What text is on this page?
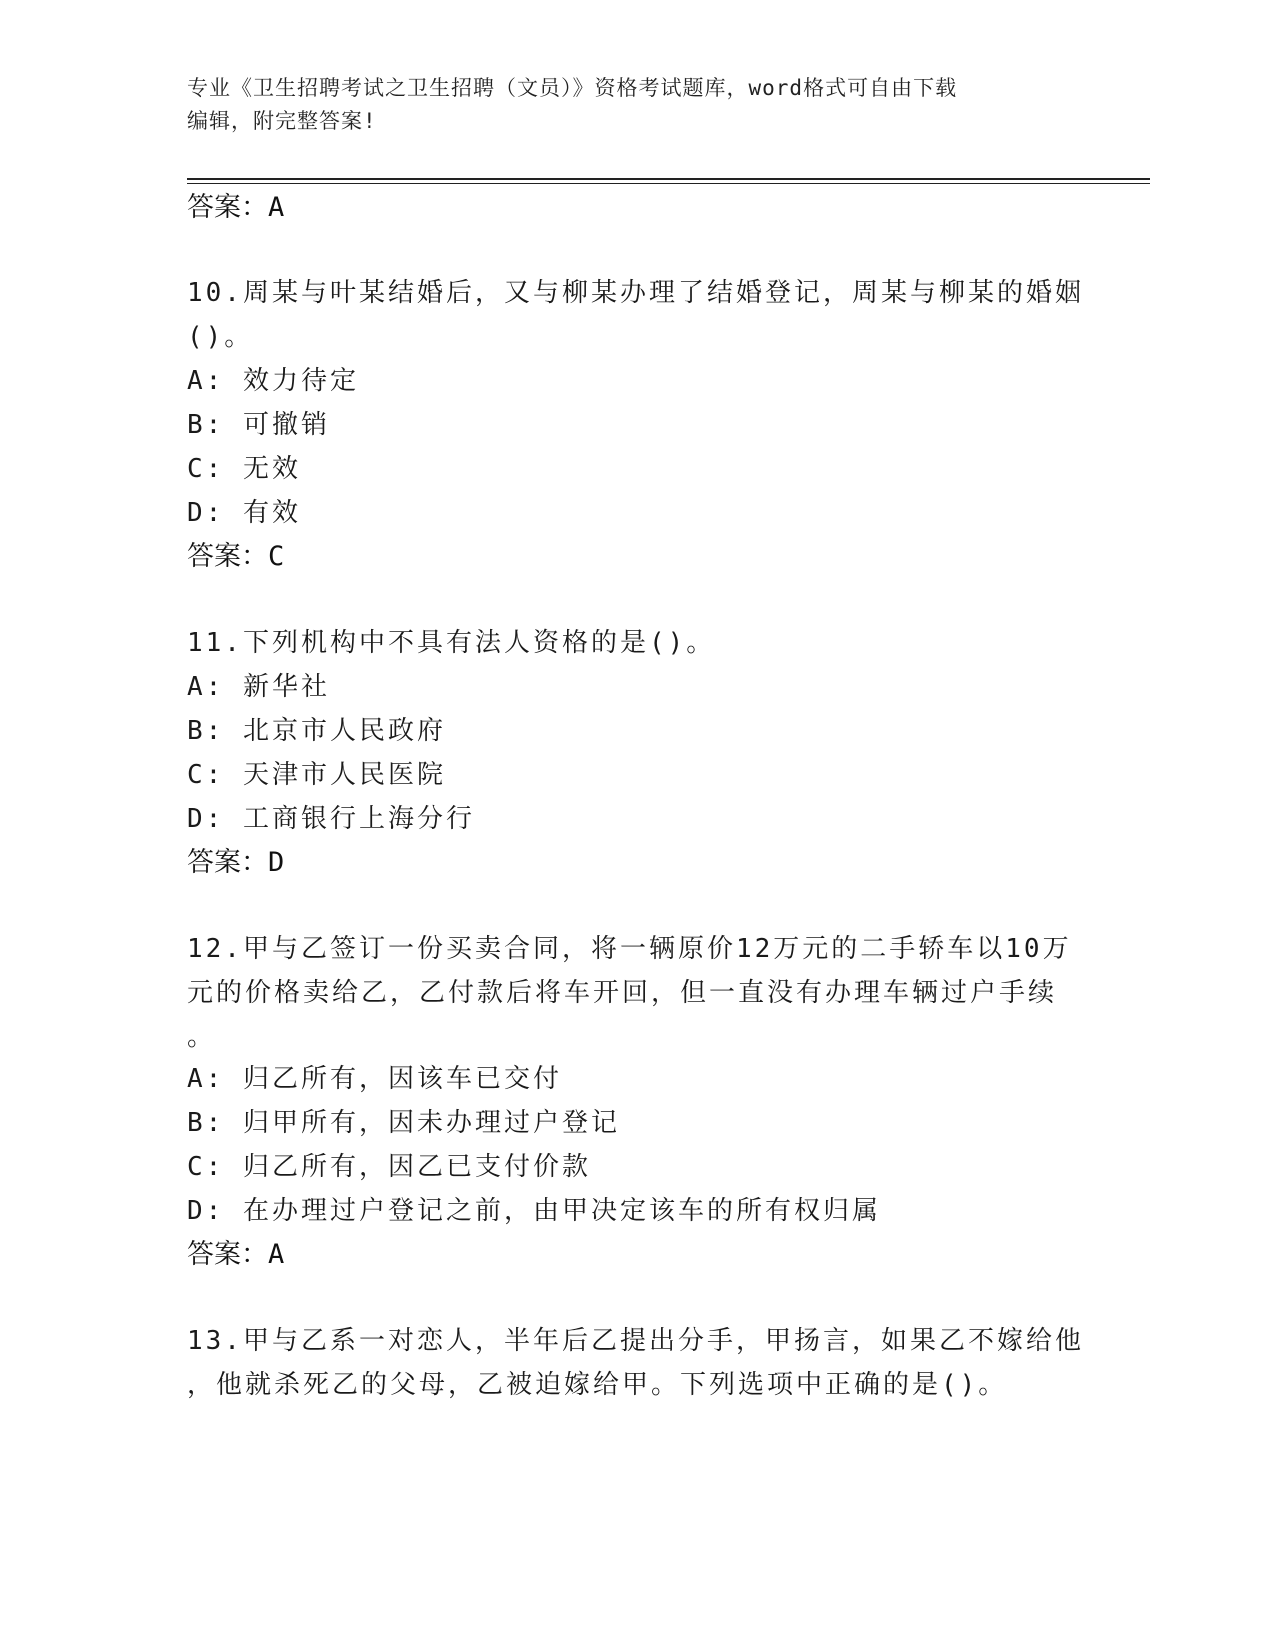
专业《卫生招聘考试之卫生招聘（文员）》资格考试题库，word格式可自由下载
编辑，附完整答案!
答案：A
10.周某与叶某结婚后，又与柳某办理了结婚登记，周某与柳某的婚姻
()。
A: 效力待定
B: 可撤销
C: 无效
D: 有效
答案：C
11.下列机构中不具有法人资格的是()。
A: 新华社
B: 北京市人民政府
C: 天津市人民医院
D: 工商银行上海分行
答案：D
12.甲与乙签订一份买卖合同，将一辆原价12万元的二手轿车以10万
元的价格卖给乙，乙付款后将车开回，但一直没有办理车辆过户手续
。
A: 归乙所有，因该车已交付
B: 归甲所有，因未办理过户登记
C: 归乙所有，因乙已支付价款
D: 在办理过户登记之前，由甲决定该车的所有权归属
答案：A
13.甲与乙系一对恋人，半年后乙提出分手，甲扬言，如果乙不嫁给他
，他就杀死乙的父母，乙被迫嫁给甲。下列选项中正确的是()。
